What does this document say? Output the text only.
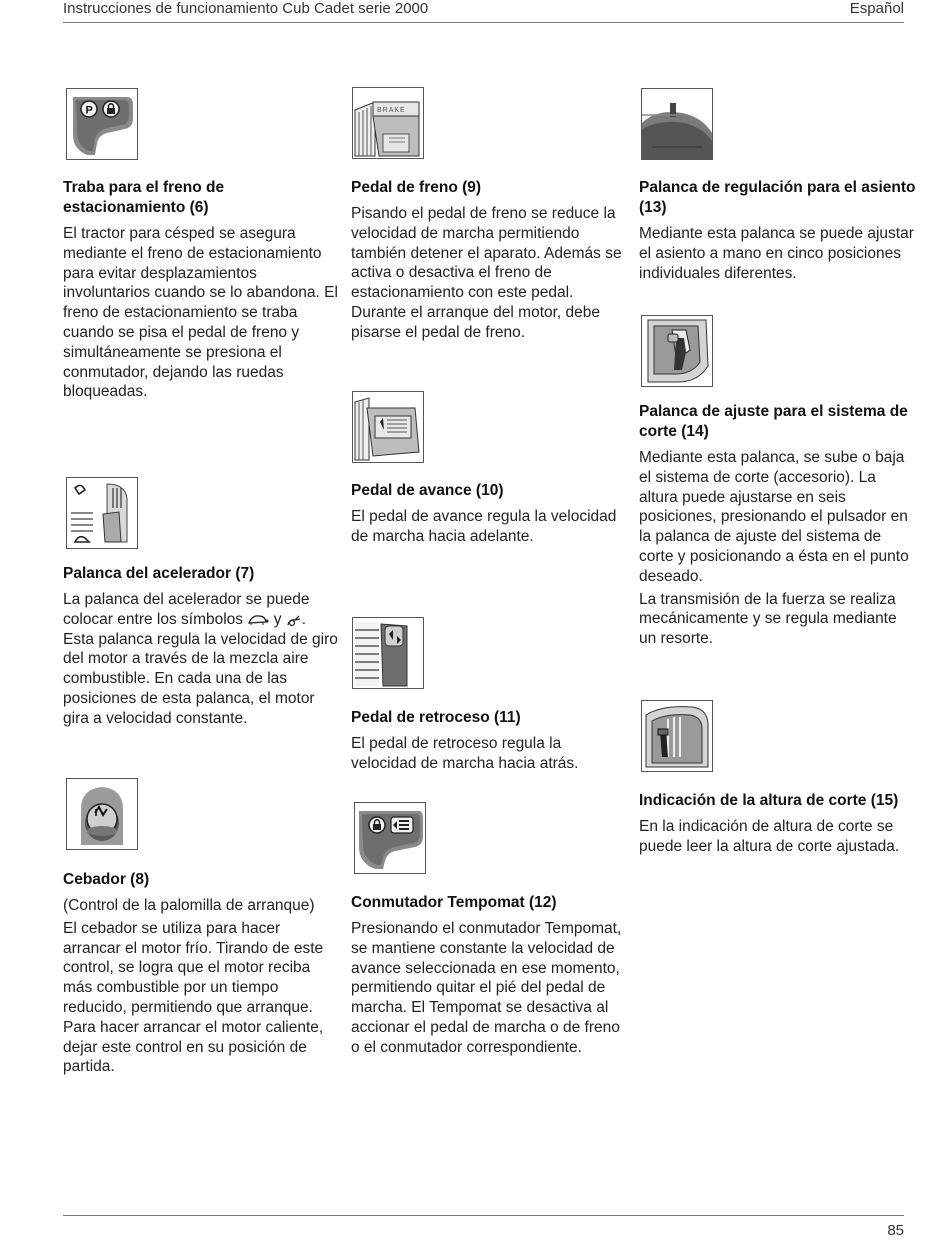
Instrucciones de funcionamiento Cub Cadet serie 2000	Español
P
Traba para el freno de estacionamiento (6)

El tractor para césped se asegura mediante el freno de estacionamiento para evitar desplazamientos involuntarios cuando se lo abandona. El freno de estacionamiento se traba cuando se pisa el pedal de freno y simultáneamente se presiona el conmutador, dejando las ruedas bloqueadas.

Palanca del acelerador (7)

La palanca del acelerador se puede colocar entre los símbolos y . Esta palanca regula la velocidad de giro del motor a través de la mezcla aire combustible. En cada una de las posiciones de esta palanca, el motor gira a velocidad constante.

Cebador (8)

(Control de la palomilla de arranque)

El cebador se utiliza para hacer arrancar el motor frío. Tirando de este control, se logra que el motor reciba más combustible por un tiempo reducido, permitiendo que arranque. Para hacer arrancar el motor caliente, dejar este control en su posición de partida.

BRAKE
Pedal de freno (9)

Pisando el pedal de freno se reduce la velocidad de marcha permitiendo también detener el aparato. Además se activa o desactiva el freno de estacionamiento con este pedal. Durante el arranque del motor, debe pisarse el pedal de freno.

Pedal de avance (10)

El pedal de avance regula la velocidad de marcha hacia adelante.

Pedal de retroceso (11)

El pedal de retroceso regula la velocidad de marcha hacia atrás.

Conmutador Tempomat (12)

Presionando el conmutador Tempomat, se mantiene constante la velocidad de avance seleccionada en ese momento, permitiendo quitar el pié del pedal de marcha. El Tempomat se desactiva al accionar el pedal de marcha o de freno o el conmutador correspondiente.

Palanca de regulación para el asiento (13)

Mediante esta palanca se puede ajustar el asiento a mano en cinco posiciones individuales diferentes.

Palanca de ajuste para el sistema de corte (14)

Mediante esta palanca, se sube o baja el sistema de corte (accesorio). La altura puede ajustarse en seis posiciones, presionando el pulsador en la palanca de ajuste del sistema de corte y posicionando a ésta en el punto deseado.

La transmisión de la fuerza se realiza mecánicamente y se regula mediante un resorte.

Indicación de la altura de corte (15)

En la indicación de altura de corte se puede leer la altura de corte ajustada.

85
